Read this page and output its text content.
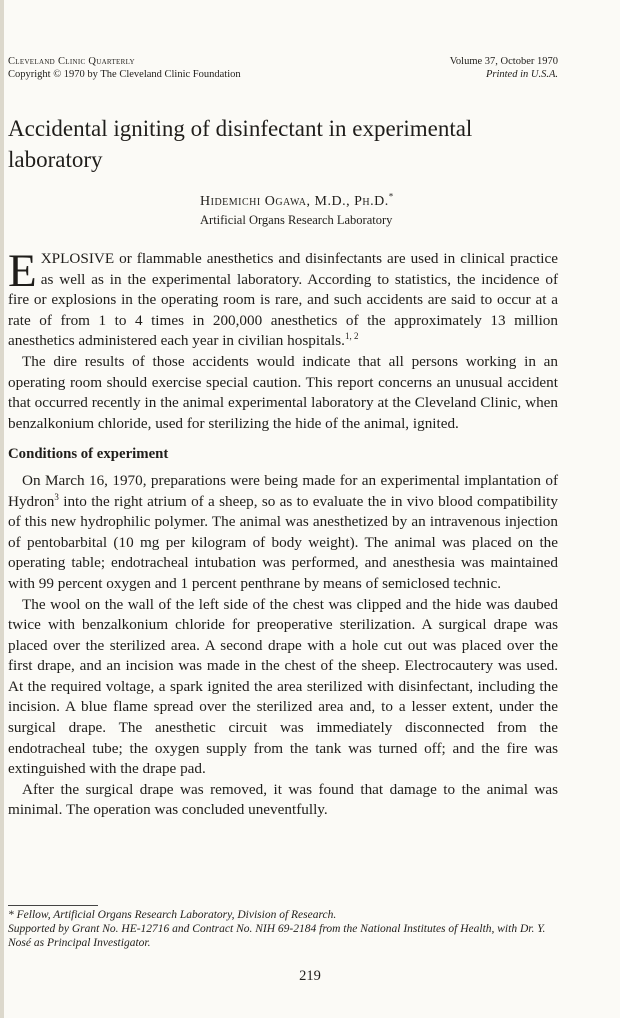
Cleveland Clinic Quarterly
Copyright © 1970 by The Cleveland Clinic Foundation
Volume 37, October 1970
Printed in U.S.A.
Accidental igniting of disinfectant in experimental laboratory
Hidemichi Ogawa, M.D., Ph.D.*
Artificial Organs Research Laboratory

EXPLOSIVE or flammable anesthetics and disinfectants are used in clinical practice as well as in the experimental laboratory. According to statistics, the incidence of fire or explosions in the operating room is rare, and such accidents are said to occur at a rate of from 1 to 4 times in 200,000 anesthetics of the approximately 13 million anesthetics administered each year in civilian hospitals.$^{1, 2}$

The dire results of those accidents would indicate that all persons working in an operating room should exercise special caution. This report concerns an unusual accident that occurred recently in the animal experimental laboratory at the Cleveland Clinic, when benzalkonium chloride, used for sterilizing the hide of the animal, ignited.

Conditions of experiment

On March 16, 1970, preparations were being made for an experimental implantation of Hydron$^3$ into the right atrium of a sheep, so as to evaluate the in vivo blood compatibility of this new hydrophilic polymer. The animal was anesthetized by an intravenous injection of pentobarbital (10 mg per kilogram of body weight). The animal was placed on the operating table; endotracheal intubation was performed, and anesthesia was maintained with 99 percent oxygen and 1 percent penthrane by means of semiclosed technic.

The wool on the wall of the left side of the chest was clipped and the hide was daubed twice with benzalkonium chloride for preoperative sterilization. A surgical drape was placed over the sterilized area. A second drape with a hole cut out was placed over the first drape, and an incision was made in the chest of the sheep. Electrocautery was used. At the required voltage, a spark ignited the area sterilized with disinfectant, including the incision. A blue flame spread over the sterilized area and, to a lesser extent, under the surgical drape. The anesthetic circuit was immediately disconnected from the endotracheal tube; the oxygen supply from the tank was turned off; and the fire was extinguished with the drape pad.

After the surgical drape was removed, it was found that damage to the animal was minimal. The operation was concluded uneventfully.

* Fellow, Artificial Organs Research Laboratory, Division of Research.

Supported by Grant No. HE-12716 and Contract No. NIH 69-2184 from the National Institutes of Health, with Dr. Y. Nosé as Principal Investigator.

219
